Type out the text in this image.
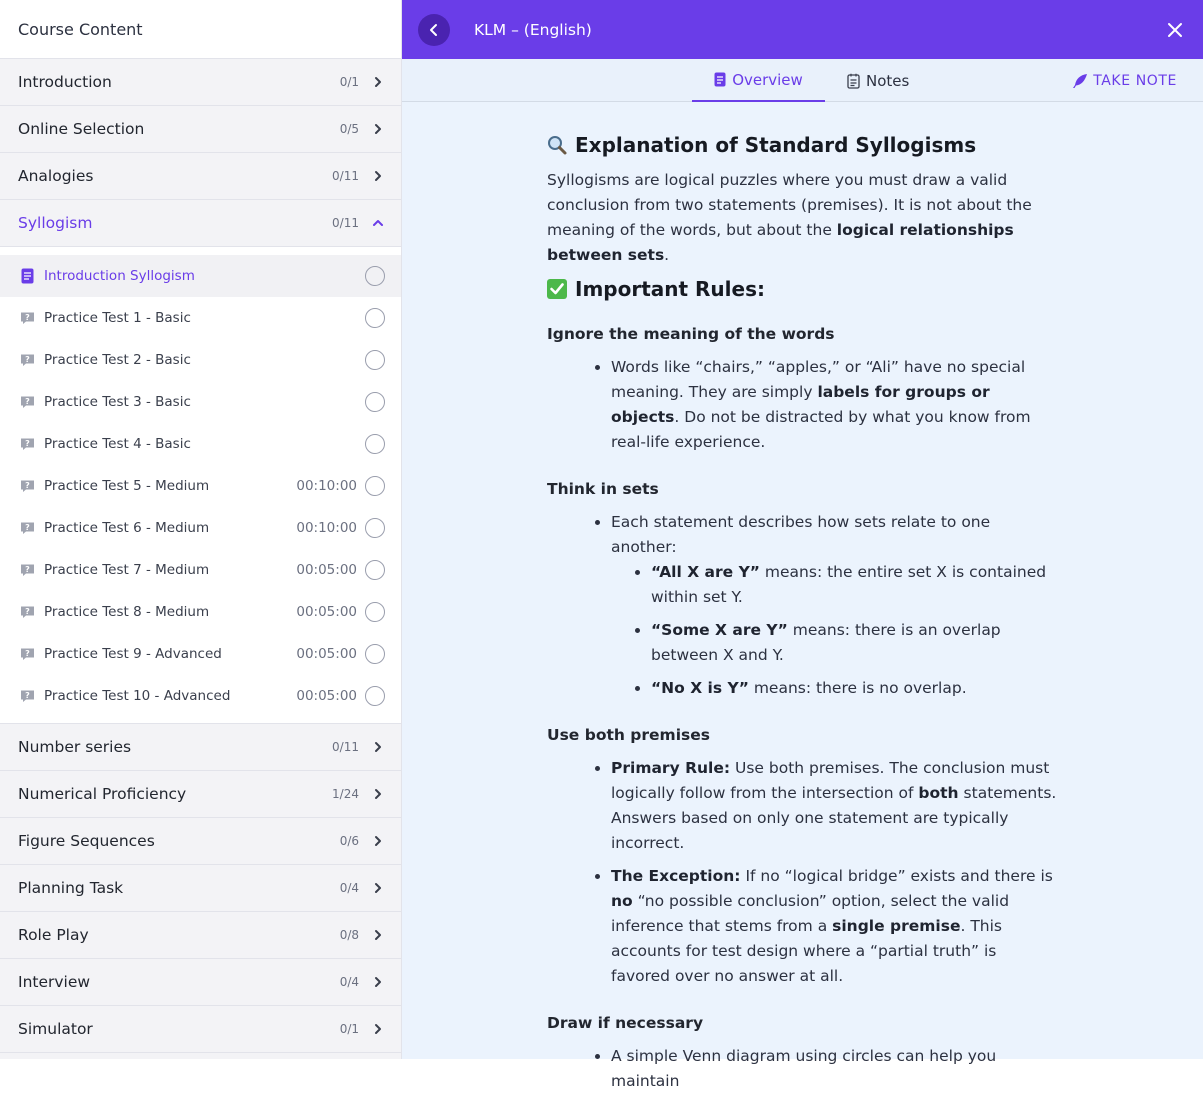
Course Content
Introduction	0/1
Online Selection	0/5
Analogies	0/11
Syllogism	0/11
Introduction Syllogism
? Practice Test 1 - Basic
? Practice Test 2 - Basic
? Practice Test 3 - Basic
? Practice Test 4 - Basic
? Practice Test 5 - Medium	00:10:00
? Practice Test 6 - Medium	00:10:00
? Practice Test 7 - Medium	00:05:00
? Practice Test 8 - Medium	00:05:00
? Practice Test 9 - Advanced	00:05:00
? Practice Test 10 - Advanced	00:05:00
Number series	0/11
Numerical Proficiency	1/24
Figure Sequences	0/6
Planning Task	0/4
Role Play	0/8
Interview	0/4
Simulator	0/1
KLM – (English)
Overview	Notes	TAKE NOTE
Explanation of Standard Syllogisms

Syllogisms are logical puzzles where you must draw a valid conclusion from two statements (premises). It is not about the meaning of the words, but about the logical relationships between sets.

Important Rules:
Ignore the meaning of the words
• Words like “chairs,” “apples,” or “Ali” have no special meaning. They are simply labels for groups or objects. Do not be distracted by what you know from real-life experience.
Think in sets
• Each statement describes how sets relate to one another:
• “All X are Y” means: the entire set X is contained within set Y.
• “Some X are Y” means: there is an overlap between X and Y.
• “No X is Y” means: there is no overlap.
Use both premises
• Primary Rule: Use both premises. The conclusion must logically follow from the intersection of both statements. Answers based on only one statement are typically incorrect.
• The Exception: If no “logical bridge” exists and there is no “no possible conclusion” option, select the valid inference that stems from a single premise. This accounts for test design where a “partial truth” is favored over no answer at all.
Draw if necessary
• A simple Venn diagram using circles can help you maintain
